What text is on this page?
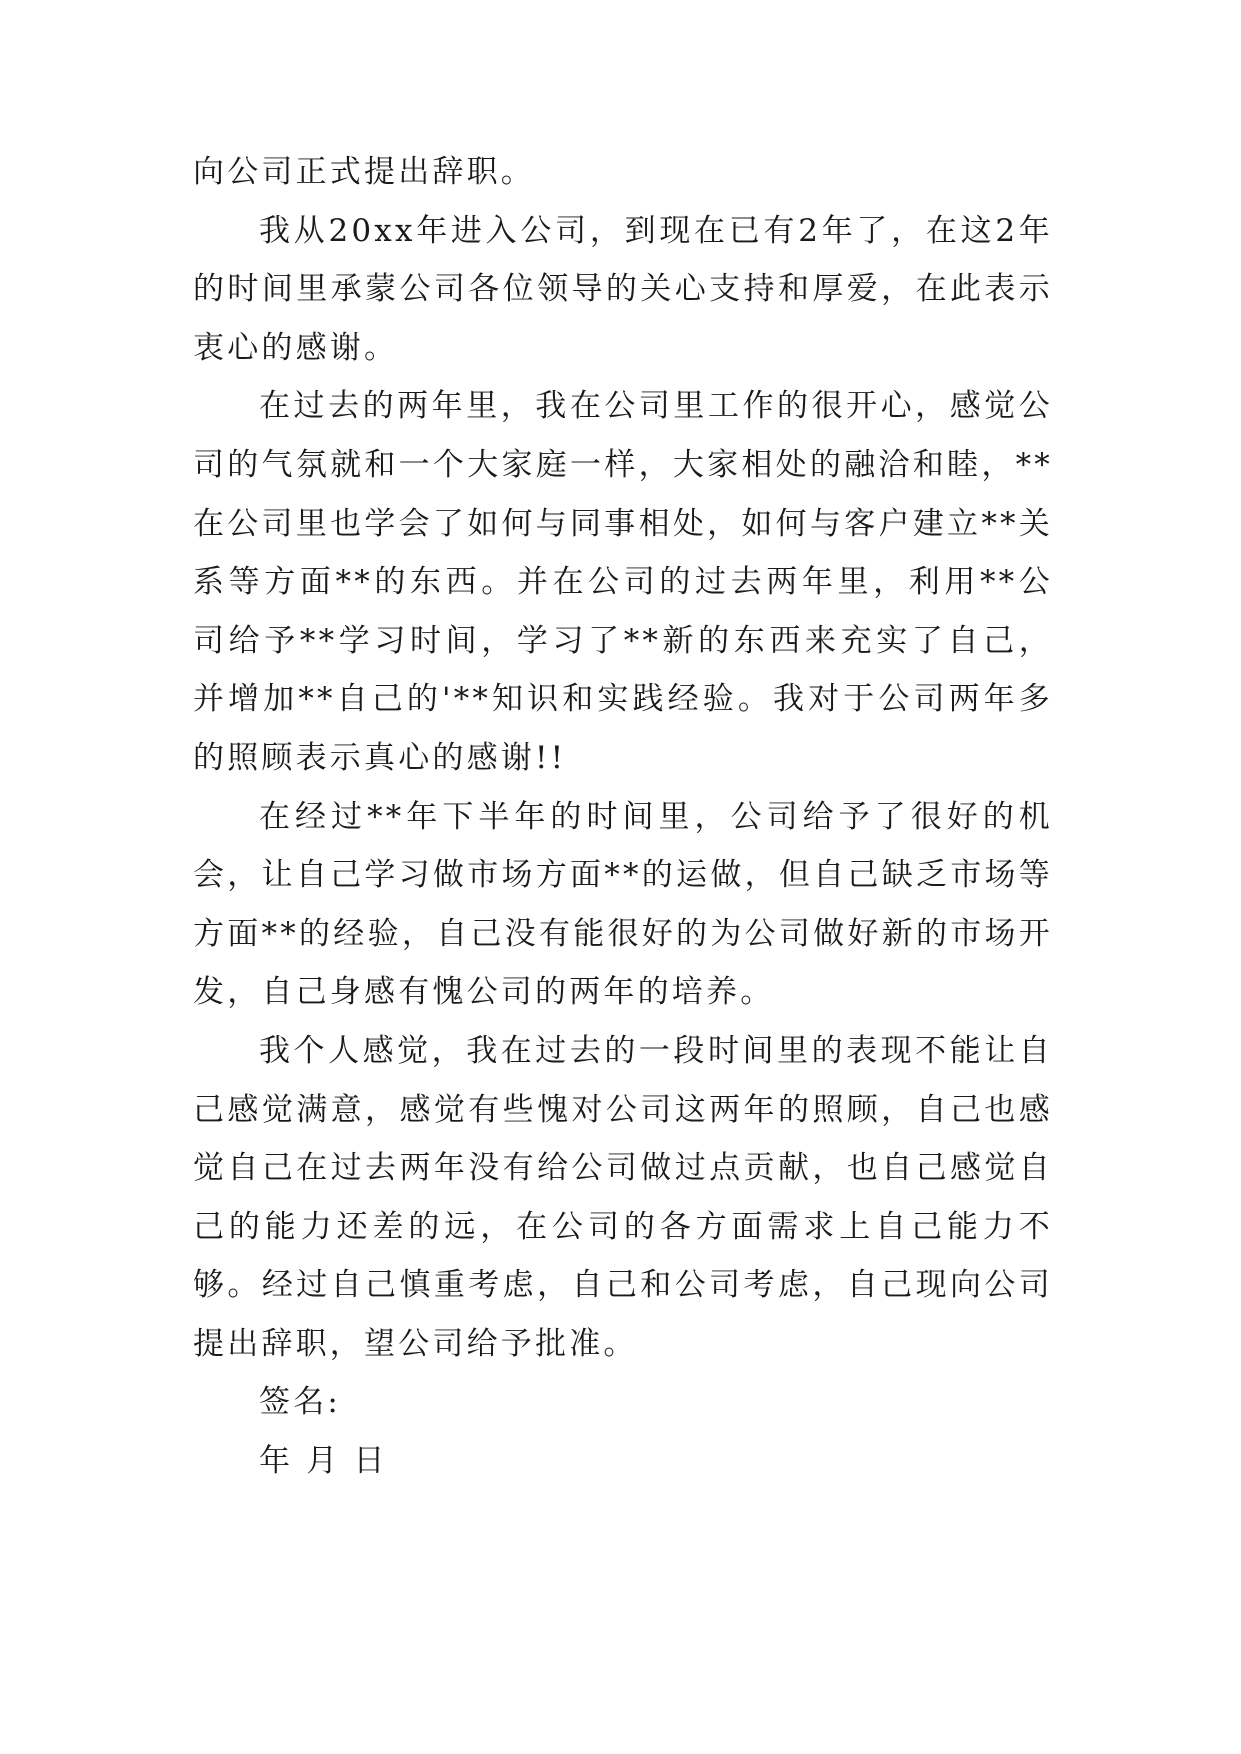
向公司正式提出辞职。

我从20xx年进入公司，到现在已有2年了，在这2年的时间里承蒙公司各位领导的关心支持和厚爱，在此表示衷心的感谢。

在过去的两年里，我在公司里工作的很开心，感觉公司的气氛就和一个大家庭一样，大家相处的融洽和睦，**在公司里也学会了如何与同事相处，如何与客户建立**关系等方面**的东西。并在公司的过去两年里，利用**公司给予**学习时间，学习了**新的东西来充实了自己，并增加**自己的'**知识和实践经验。我对于公司两年多的照顾表示真心的感谢!!

在经过**年下半年的时间里，公司给予了很好的机会，让自己学习做市场方面**的运做，但自己缺乏市场等方面**的经验，自己没有能很好的为公司做好新的市场开发，自己身感有愧公司的两年的培养。

我个人感觉，我在过去的一段时间里的表现不能让自己感觉满意，感觉有些愧对公司这两年的照顾，自己也感觉自己在过去两年没有给公司做过点贡献，也自己感觉自己的能力还差的远，在公司的各方面需求上自己能力不够。经过自己慎重考虑，自己和公司考虑，自己现向公司提出辞职，望公司给予批准。

签名:

年 月 日
